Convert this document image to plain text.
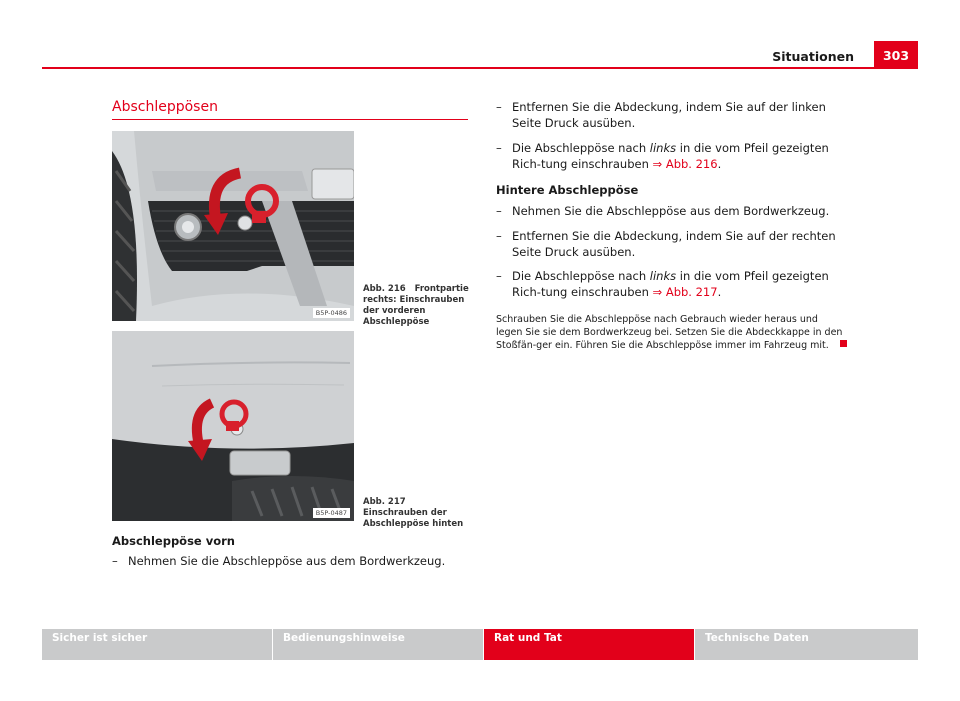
Situationen	303
Abschleppösen
B5P-0486
Abb. 216 Frontpartie rechts: Einschrauben der vorderen Abschleppöse
B5P-0487
Abb. 217   Einschrauben der Abschleppöse hinten
Abschleppöse vorn
– Nehmen Sie die Abschleppöse aus dem Bordwerkzeug.
– Entfernen Sie die Abdeckung, indem Sie auf der linken Seite Druck ausüben.
– Die Abschleppöse nach links in die vom Pfeil gezeigten Rich-tung einschrauben ⇒ Abb. 216.
Hintere Abschleppöse
– Nehmen Sie die Abschleppöse aus dem Bordwerkzeug.
– Entfernen Sie die Abdeckung, indem Sie auf der rechten Seite Druck ausüben.
– Die Abschleppöse nach links in die vom Pfeil gezeigten Rich-tung einschrauben ⇒ Abb. 217.
Schrauben Sie die Abschleppöse nach Gebrauch wieder heraus und legen Sie sie dem Bordwerkzeug bei. Setzen Sie die Abdeckkappe in den Stoßfän-ger ein. Führen Sie die Abschleppöse immer im Fahrzeug mit.
Sicher ist sicher	Bedienungshinweise	Rat und Tat	Technische Daten
